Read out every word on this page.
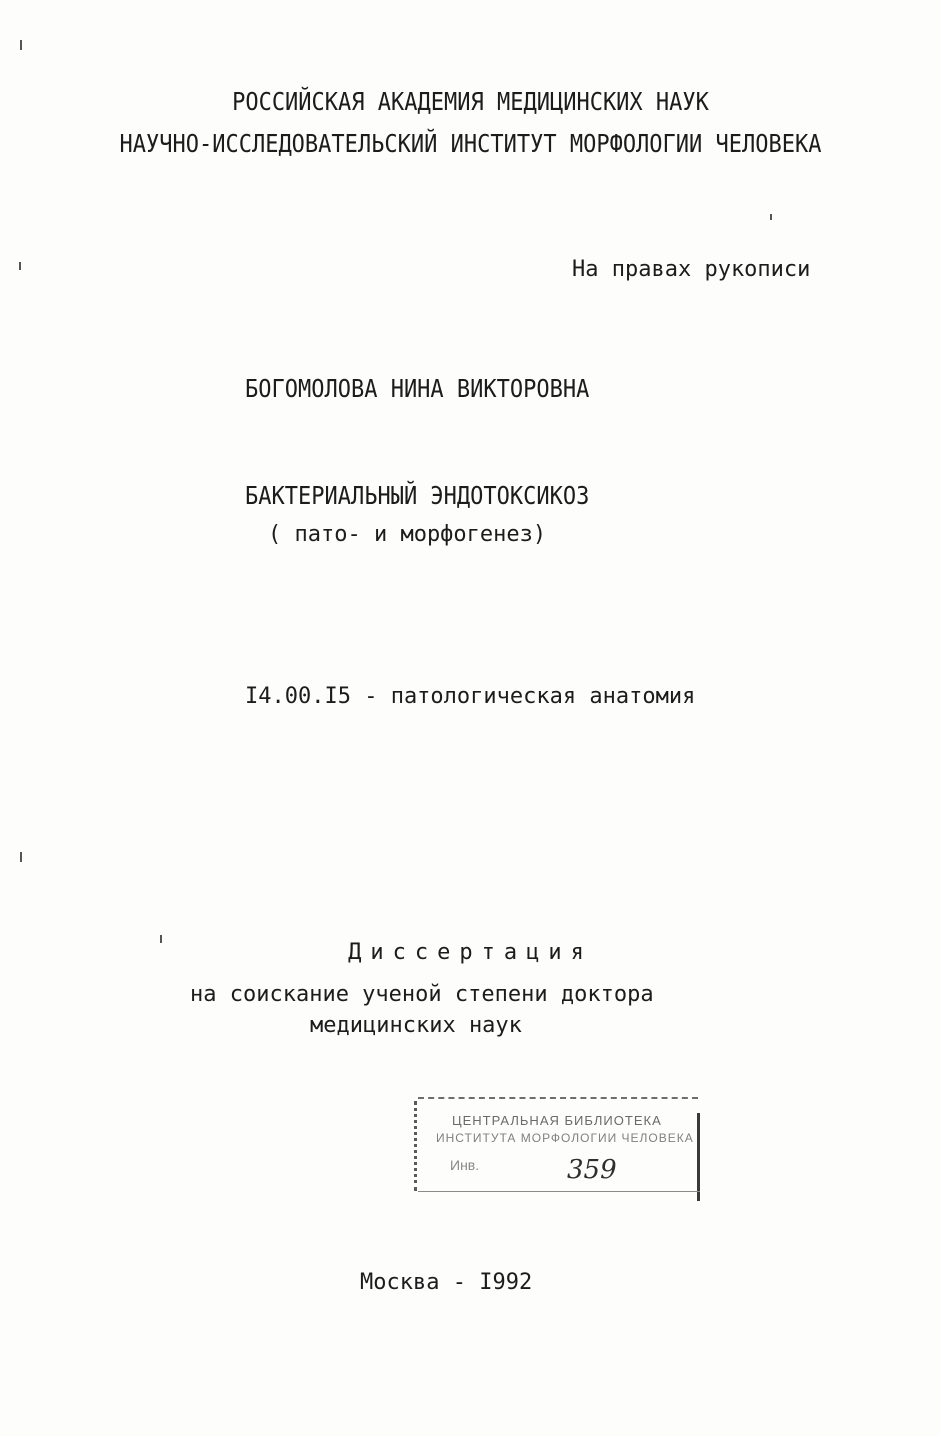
РОССИЙСКАЯ АКАДЕМИЯ МЕДИЦИНСКИХ НАУК
НАУЧНО-ИССЛЕДОВАТЕЛЬСКИЙ ИНСТИТУТ МОРФОЛОГИИ ЧЕЛОВЕКА
На правах рукописи
БОГОМОЛОВА НИНА ВИКТОРОВНА
БАКТЕРИАЛЬНЫЙ ЭНДОТОКСИКОЗ
( пато- и морфогенез)
I4.00.I5 - патологическая анатомия
Диссертация
на соискание ученой степени доктора
медицинских наук
ЦЕНТРАЛЬНАЯ БИБЛИОТЕКА
ИНСТИТУТА МОРФОЛОГИИ ЧЕЛОВЕКА
Инв.	359
Москва - I992
